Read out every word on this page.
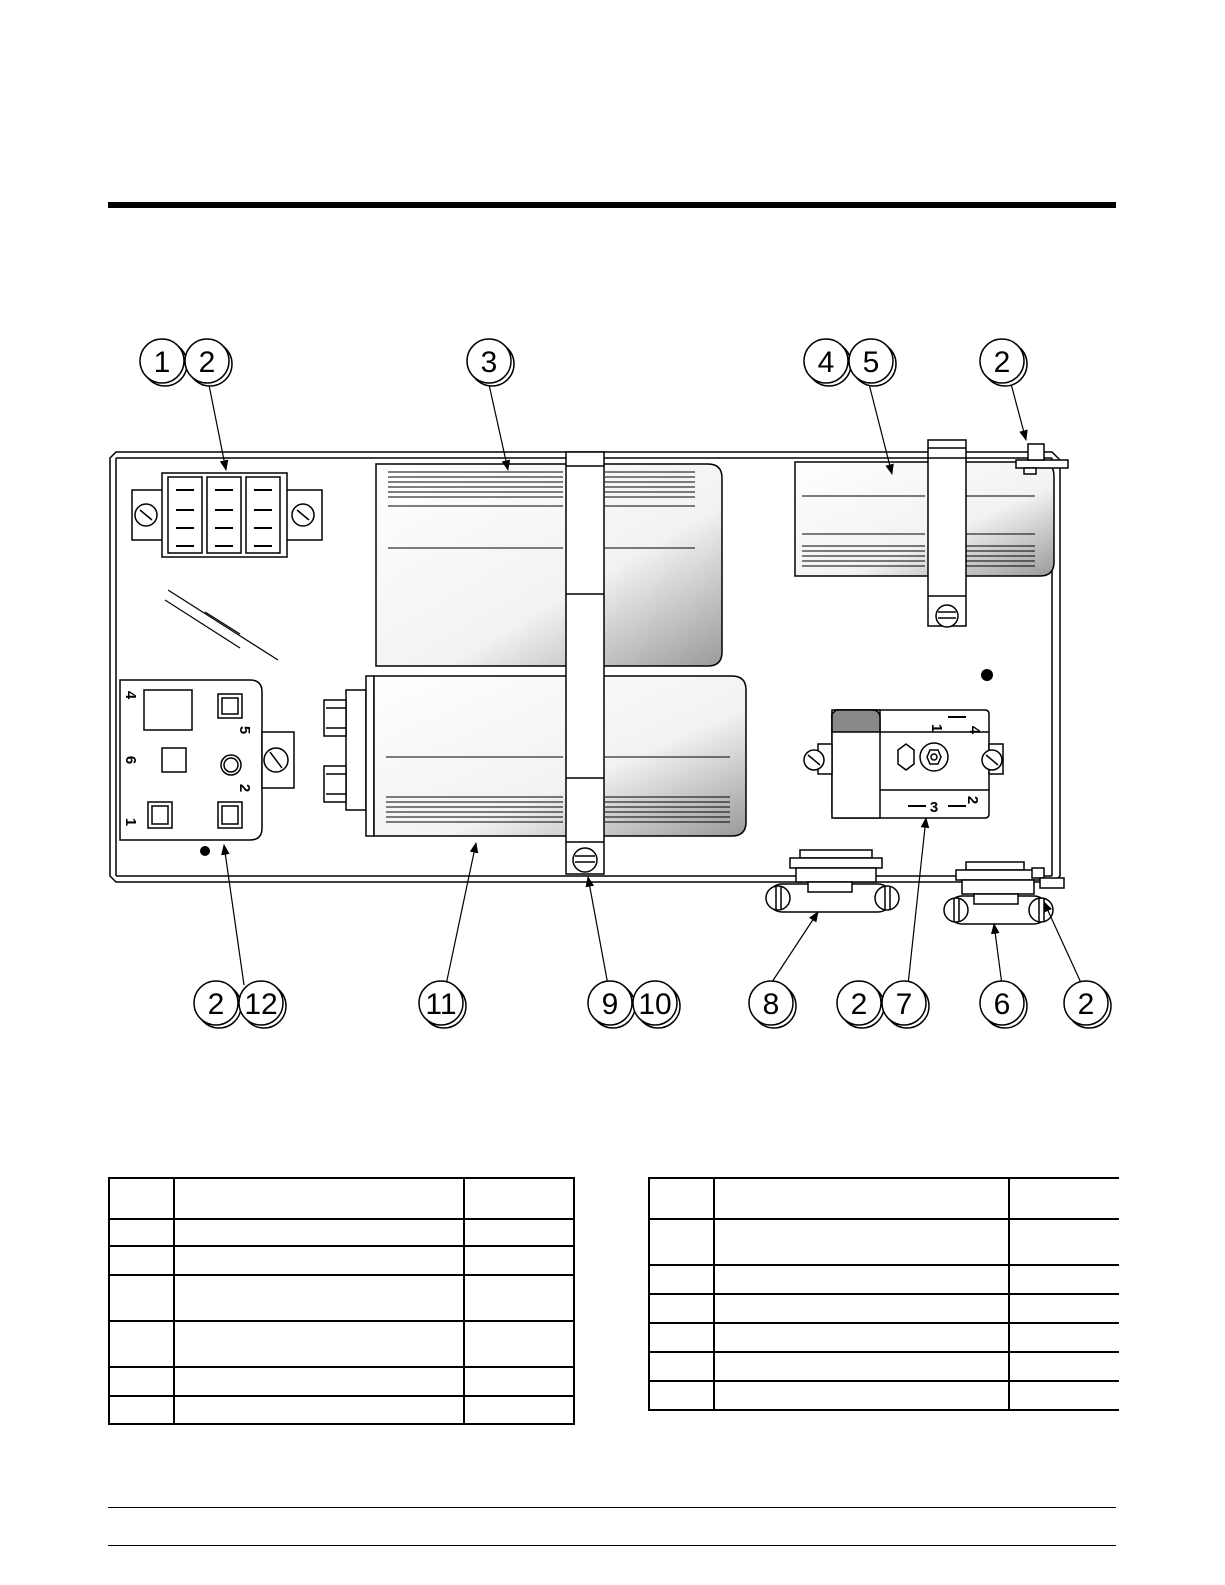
4
5
6
2
1
1 4
3 2
1 2	3	4 5	2
2 12	11	9 10	8 2 7	6 2
